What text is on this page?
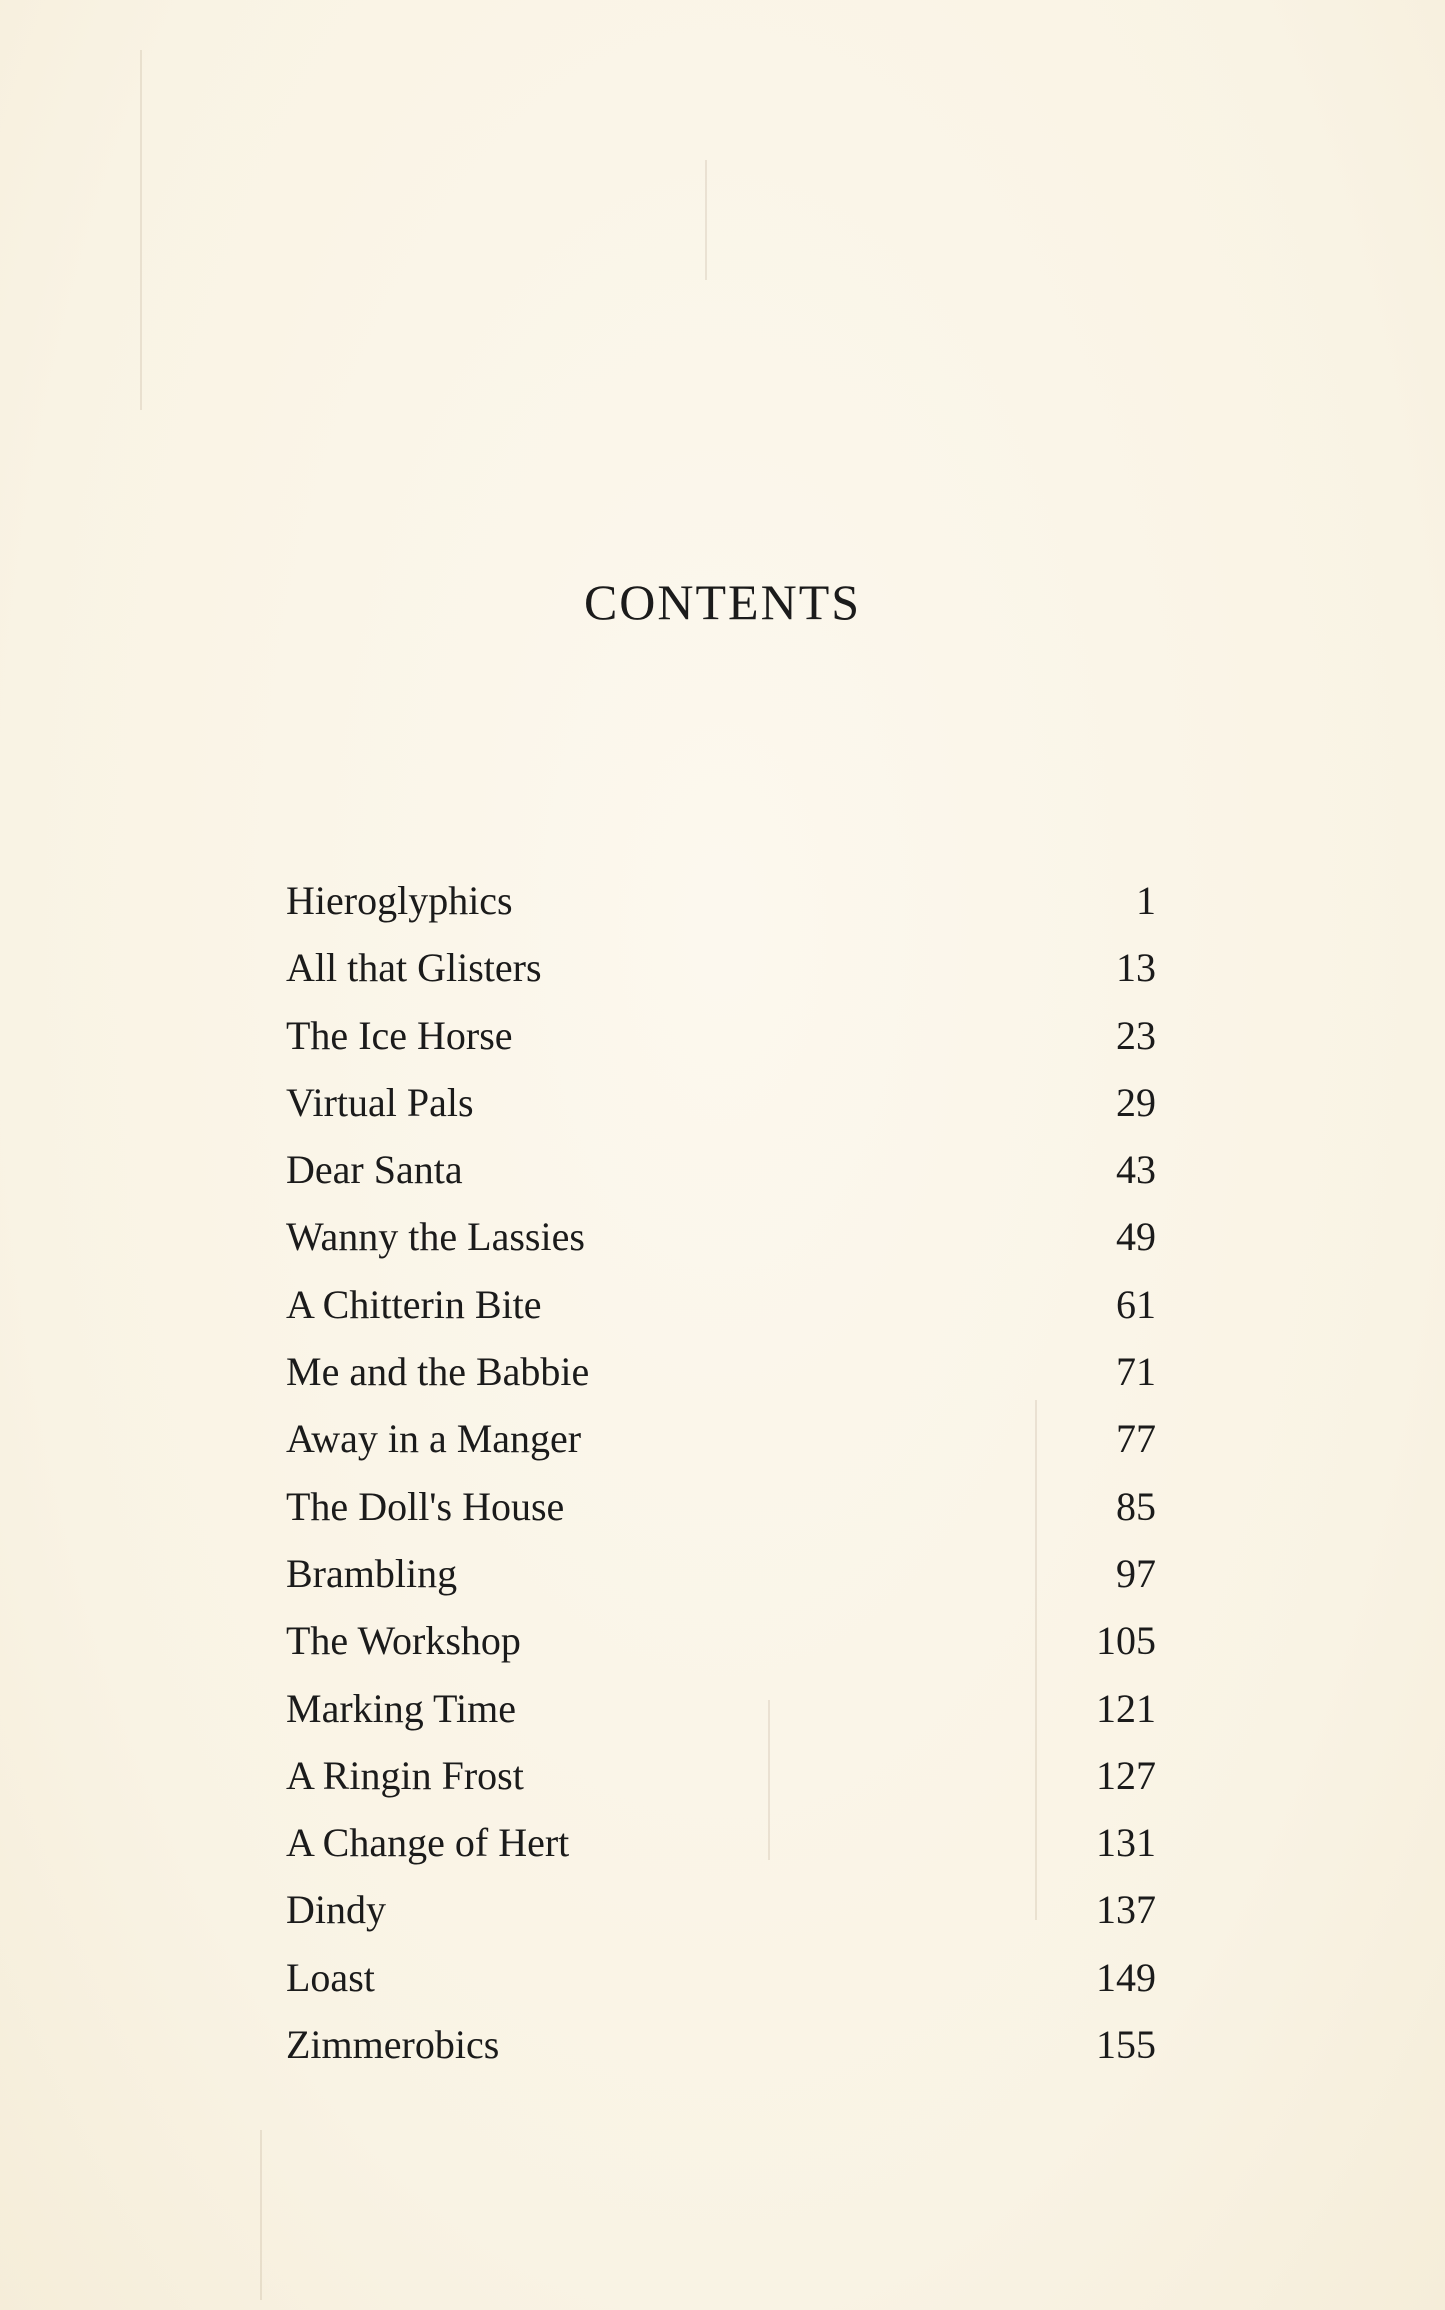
CONTENTS
Hieroglyphics	1
All that Glisters	13
The Ice Horse	23
Virtual Pals	29
Dear Santa	43
Wanny the Lassies	49
A Chitterin Bite	61
Me and the Babbie	71
Away in a Manger	77
The Doll's House	85
Brambling	97
The Workshop	105
Marking Time	121
A Ringin Frost	127
A Change of Hert	131
Dindy	137
Loast	149
Zimmerobics	155
